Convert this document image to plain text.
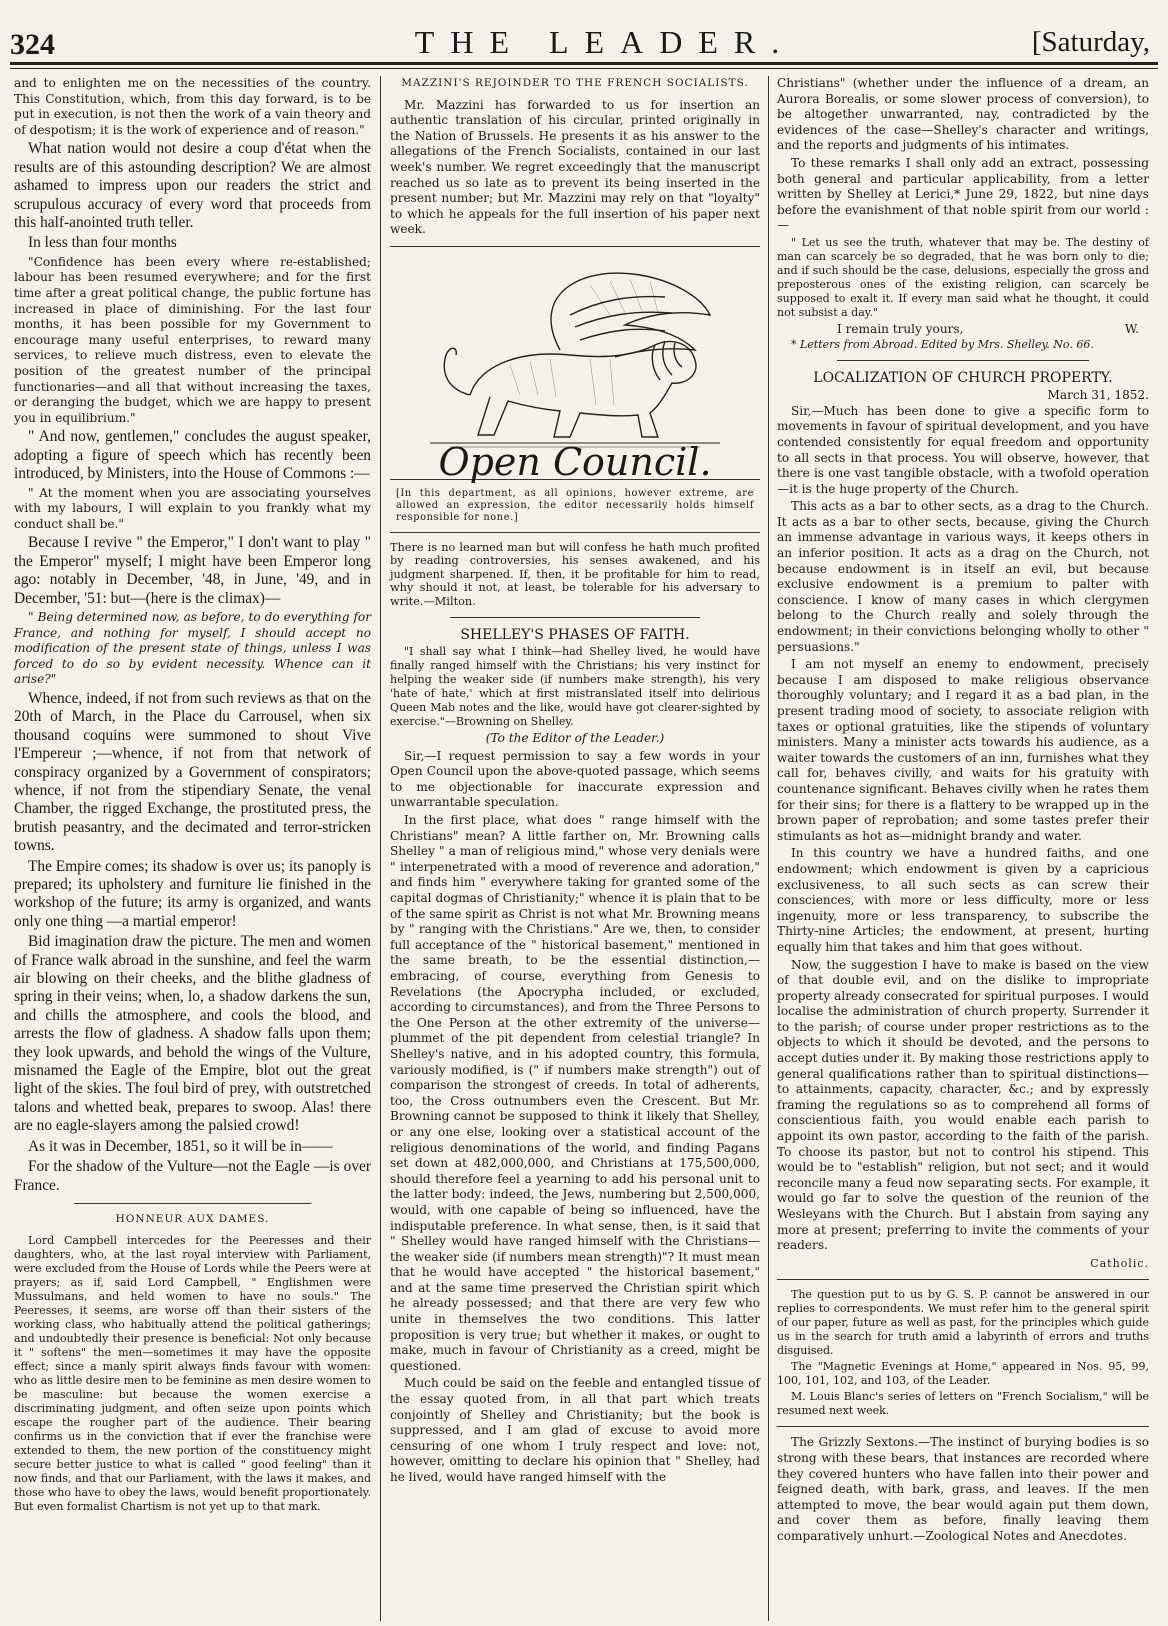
324	THE LEADER.	[Saturday,

and to enlighten me on the necessities of the country. This Constitution, which, from this day forward, is to be put in execution, is not then the work of a vain theory and of despotism; it is the work of experience and of reason."

What nation would not desire a coup d'état when the results are of this astounding description? We are almost ashamed to impress upon our readers the strict and scrupulous accuracy of every word that proceeds from this half-anointed truth teller.

In less than four months

"Confidence has been every where re-established; labour has been resumed everywhere; and for the first time after a great political change, the public fortune has increased in place of diminishing. For the last four months, it has been possible for my Government to encourage many useful enterprises, to reward many services, to relieve much distress, even to elevate the position of the greatest number of the principal functionaries—and all that without increasing the taxes, or deranging the budget, which we are happy to present you in equilibrium."

" And now, gentlemen," concludes the august speaker, adopting a figure of speech which has recently been introduced, by Ministers, into the House of Commons :—

" At the moment when you are associating yourselves with my labours, I will explain to you frankly what my conduct shall be."

Because I revive " the Emperor," I don't want to play " the Emperor" myself; I might have been Emperor long ago: notably in December, '48, in June, '49, and in December, '51: but—(here is the climax)—

" Being determined now, as before, to do everything for France, and nothing for myself, I should accept no modification of the present state of things, unless I was forced to do so by evident necessity. Whence can it arise?"

Whence, indeed, if not from such reviews as that on the 20th of March, in the Place du Carrousel, when six thousand coquins were summoned to shout Vive l'Empereur ;—whence, if not from that network of conspiracy organized by a Government of conspirators; whence, if not from the stipendiary Senate, the venal Chamber, the rigged Exchange, the prostituted press, the brutish peasantry, and the decimated and terror-stricken towns.

The Empire comes; its shadow is over us; its panoply is prepared; its upholstery and furniture lie finished in the workshop of the future; its army is organized, and wants only one thing —a martial emperor!

Bid imagination draw the picture. The men and women of France walk abroad in the sunshine, and feel the warm air blowing on their cheeks, and the blithe gladness of spring in their veins; when, lo, a shadow darkens the sun, and chills the atmosphere, and cools the blood, and arrests the flow of gladness. A shadow falls upon them; they look upwards, and behold the wings of the Vulture, misnamed the Eagle of the Empire, blot out the great light of the skies. The foul bird of prey, with outstretched talons and whetted beak, prepares to swoop. Alas! there are no eagle-slayers among the palsied crowd!

As it was in December, 1851, so it will be in——

For the shadow of the Vulture—not the Eagle —is over France.

HONNEUR AUX DAMES.

Lord Campbell intercedes for the Peeresses and their daughters, who, at the last royal interview with Parliament, were excluded from the House of Lords while the Peers were at prayers; as if, said Lord Campbell, " Englishmen were Mussulmans, and held women to have no souls." The Peeresses, it seems, are worse off than their sisters of the working class, who habitually attend the political gatherings; and undoubtedly their presence is beneficial: Not only because it " softens" the men—sometimes it may have the opposite effect; since a manly spirit always finds favour with women: who as little desire men to be feminine as men desire women to be masculine: but because the women exercise a discriminating judgment, and often seize upon points which escape the rougher part of the audience. Their bearing confirms us in the conviction that if ever the franchise were extended to them, the new portion of the constituency might secure better justice to what is called " good feeling" than it now finds, and that our Parliament, with the laws it makes, and those who have to obey the laws, would benefit proportionately. But even formalist Chartism is not yet up to that mark.

MAZZINI'S REJOINDER TO THE FRENCH SOCIALISTS.

Mr. Mazzini has forwarded to us for insertion an authentic translation of his circular, printed originally in the Nation of Brussels. He presents it as his answer to the allegations of the French Socialists, contained in our last week's number. We regret exceedingly that the manuscript reached us so late as to prevent its being inserted in the present number; but Mr. Mazzini may rely on that "loyalty" to which he appeals for the full insertion of his paper next week.

Open Council.

[In this department, as all opinions, however extreme, are allowed an expression, the editor necessarily holds himself responsible for none.]

There is no learned man but will confess he hath much profited by reading controversies, his senses awakened, and his judgment sharpened. If, then, it be profitable for him to read, why should it not, at least, be tolerable for his adversary to write.—Milton.

SHELLEY'S PHASES OF FAITH.

"I shall say what I think—had Shelley lived, he would have finally ranged himself with the Christians; his very instinct for helping the weaker side (if numbers make strength), his very 'hate of hate,' which at first mistranslated itself into delirious Queen Mab notes and the like, would have got clearer-sighted by exercise."—Browning on Shelley.

(To the Editor of the Leader.)

Sir,—I request permission to say a few words in your Open Council upon the above-quoted passage, which seems to me objectionable for inaccurate expression and unwarrantable speculation.

In the first place, what does " range himself with the Christians" mean? A little farther on, Mr. Browning calls Shelley " a man of religious mind," whose very denials were " interpenetrated with a mood of reverence and adoration," and finds him " everywhere taking for granted some of the capital dogmas of Christianity;" whence it is plain that to be of the same spirit as Christ is not what Mr. Browning means by " ranging with the Christians." Are we, then, to consider full acceptance of the " historical basement," mentioned in the same breath, to be the essential distinction,—embracing, of course, everything from Genesis to Revelations (the Apocrypha included, or excluded, according to circumstances), and from the Three Persons to the One Person at the other extremity of the universe—plummet of the pit dependent from celestial triangle? In Shelley's native, and in his adopted country, this formula, variously modified, is (" if numbers make strength") out of comparison the strongest of creeds. In total of adherents, too, the Cross outnumbers even the Crescent. But Mr. Browning cannot be supposed to think it likely that Shelley, or any one else, looking over a statistical account of the religious denominations of the world, and finding Pagans set down at 482,000,000, and Christians at 175,500,000, should therefore feel a yearning to add his personal unit to the latter body: indeed, the Jews, numbering but 2,500,000, would, with one capable of being so influenced, have the indisputable preference. In what sense, then, is it said that " Shelley would have ranged himself with the Christians—the weaker side (if numbers mean strength)"? It must mean that he would have accepted " the historical basement," and at the same time preserved the Christian spirit which he already possessed; and that there are very few who unite in themselves the two conditions. This latter proposition is very true; but whether it makes, or ought to make, much in favour of Christianity as a creed, might be questioned.

Much could be said on the feeble and entangled tissue of the essay quoted from, in all that part which treats conjointly of Shelley and Christianity; but the book is suppressed, and I am glad of excuse to avoid more censuring of one whom I truly respect and love: not, however, omitting to declare his opinion that " Shelley, had he lived, would have ranged himself with the

Christians" (whether under the influence of a dream, an Aurora Borealis, or some slower process of conversion), to be altogether unwarranted, nay, contradicted by the evidences of the case—Shelley's character and writings, and the reports and judgments of his intimates.

To these remarks I shall only add an extract, possessing both general and particular applicability, from a letter written by Shelley at Lerici,* June 29, 1822, but nine days before the evanishment of that noble spirit from our world :—

" Let us see the truth, whatever that may be. The destiny of man can scarcely be so degraded, that he was born only to die; and if such should be the case, delusions, especially the gross and preposterous ones of the existing religion, can scarcely be supposed to exalt it. If every man said what he thought, it could not subsist a day."

I remain truly yours,	W.

* Letters from Abroad. Edited by Mrs. Shelley. No. 66.

LOCALIZATION OF CHURCH PROPERTY.
March 31, 1852.

Sir,—Much has been done to give a specific form to movements in favour of spiritual development, and you have contended consistently for equal freedom and opportunity to all sects in that process. You will observe, however, that there is one vast tangible obstacle, with a twofold operation—it is the huge property of the Church.

This acts as a bar to other sects, as a drag to the Church. It acts as a bar to other sects, because, giving the Church an immense advantage in various ways, it keeps others in an inferior position. It acts as a drag on the Church, not because endowment is in itself an evil, but because exclusive endowment is a premium to palter with conscience. I know of many cases in which clergymen belong to the Church really and solely through the endowment; in their convictions belonging wholly to other " persuasions."

I am not myself an enemy to endowment, precisely because I am disposed to make religious observance thoroughly voluntary; and I regard it as a bad plan, in the present trading mood of society, to associate religion with taxes or optional gratuities, like the stipends of voluntary ministers. Many a minister acts towards his audience, as a waiter towards the customers of an inn, furnishes what they call for, behaves civilly, and waits for his gratuity with countenance significant. Behaves civilly when he rates them for their sins; for there is a flattery to be wrapped up in the brown paper of reprobation; and some tastes prefer their stimulants as hot as—midnight brandy and water.

In this country we have a hundred faiths, and one endowment; which endowment is given by a capricious exclusiveness, to all such sects as can screw their consciences, with more or less difficulty, more or less ingenuity, more or less transparency, to subscribe the Thirty-nine Articles; the endowment, at present, hurting equally him that takes and him that goes without.

Now, the suggestion I have to make is based on the view of that double evil, and on the dislike to impropriate property already consecrated for spiritual purposes. I would localise the administration of church property. Surrender it to the parish; of course under proper restrictions as to the objects to which it should be devoted, and the persons to accept duties under it. By making those restrictions apply to general qualifications rather than to spiritual distinctions—to attainments, capacity, character, &c.; and by expressly framing the regulations so as to comprehend all forms of conscientious faith, you would enable each parish to appoint its own pastor, according to the faith of the parish. To choose its pastor, but not to control his stipend. This would be to "establish" religion, but not sect; and it would reconcile many a feud now separating sects. For example, it would go far to solve the question of the reunion of the Wesleyans with the Church. But I abstain from saying any more at present; preferring to invite the comments of your readers.

Catholic.

The question put to us by G. S. P. cannot be answered in our replies to correspondents. We must refer him to the general spirit of our paper, future as well as past, for the principles which guide us in the search for truth amid a labyrinth of errors and truths disguised.

The "Magnetic Evenings at Home," appeared in Nos. 95, 99, 100, 101, 102, and 103, of the Leader.

M. Louis Blanc's series of letters on "French Socialism," will be resumed next week.

The Grizzly Sextons.—The instinct of burying bodies is so strong with these bears, that instances are recorded where they covered hunters who have fallen into their power and feigned death, with bark, grass, and leaves. If the men attempted to move, the bear would again put them down, and cover them as before, finally leaving them comparatively unhurt.—Zoological Notes and Anecdotes.
